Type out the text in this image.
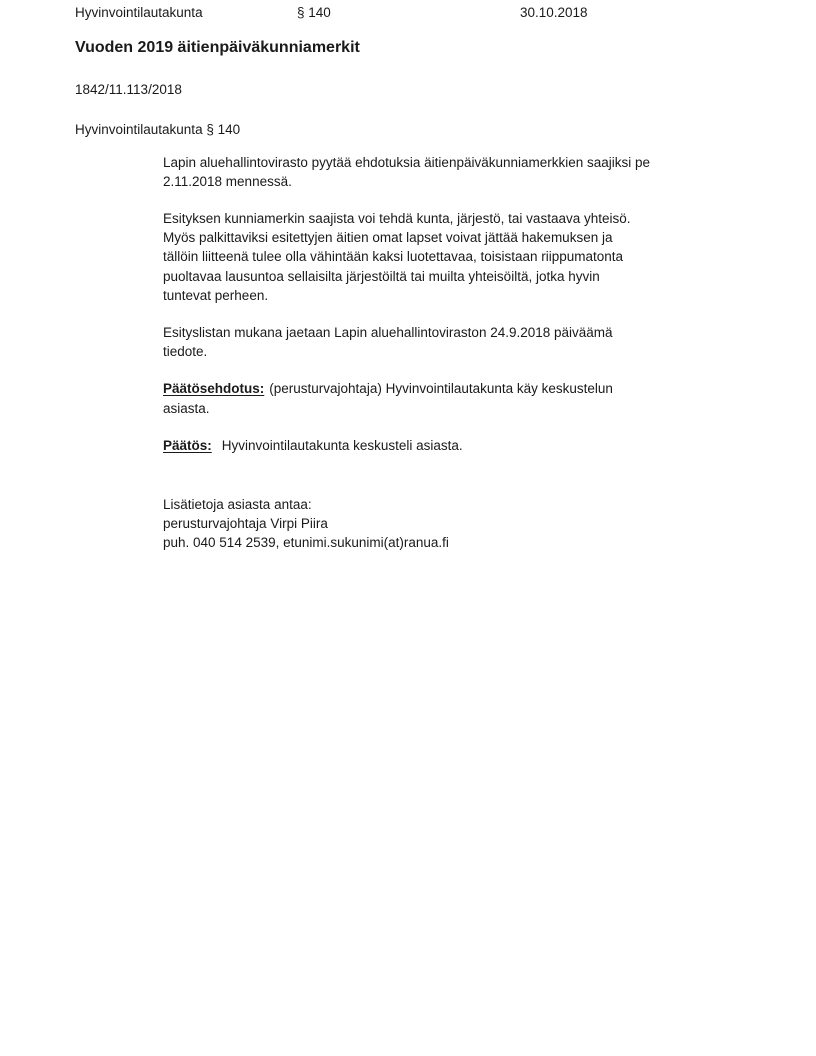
Hyvinvointilautakunta	§ 140	30.10.2018
Vuoden 2019 äitienpäiväkunniamerkit
1842/11.113/2018
Hyvinvointilautakunta § 140
Lapin aluehallintovirasto pyytää ehdotuksia äitienpäiväkunniamerkkien saajiksi pe
2.11.2018 mennessä.
Esityksen kunniamerkin saajista voi tehdä kunta, järjestö, tai vastaava yhteisö.
Myös palkittaviksi esitettyjen äitien omat lapset voivat jättää hakemuksen ja
tällöin liitteenä tulee olla vähintään kaksi luotettavaa, toisistaan riippumatonta
puoltavaa lausuntoa sellaisilta järjestöiltä tai muilta yhteisöiltä, jotka hyvin
tuntevat perheen.
Esityslistan mukana jaetaan Lapin aluehallintoviraston 24.9.2018 päiväämä
tiedote.
Päätösehdotus: (perusturvajohtaja) Hyvinvointilautakunta käy keskustelun
asiasta.
Päätös: Hyvinvointilautakunta keskusteli asiasta.
Lisätietoja asiasta antaa:
perusturvajohtaja Virpi Piira
puh. 040 514 2539, etunimi.sukunimi(at)ranua.fi
